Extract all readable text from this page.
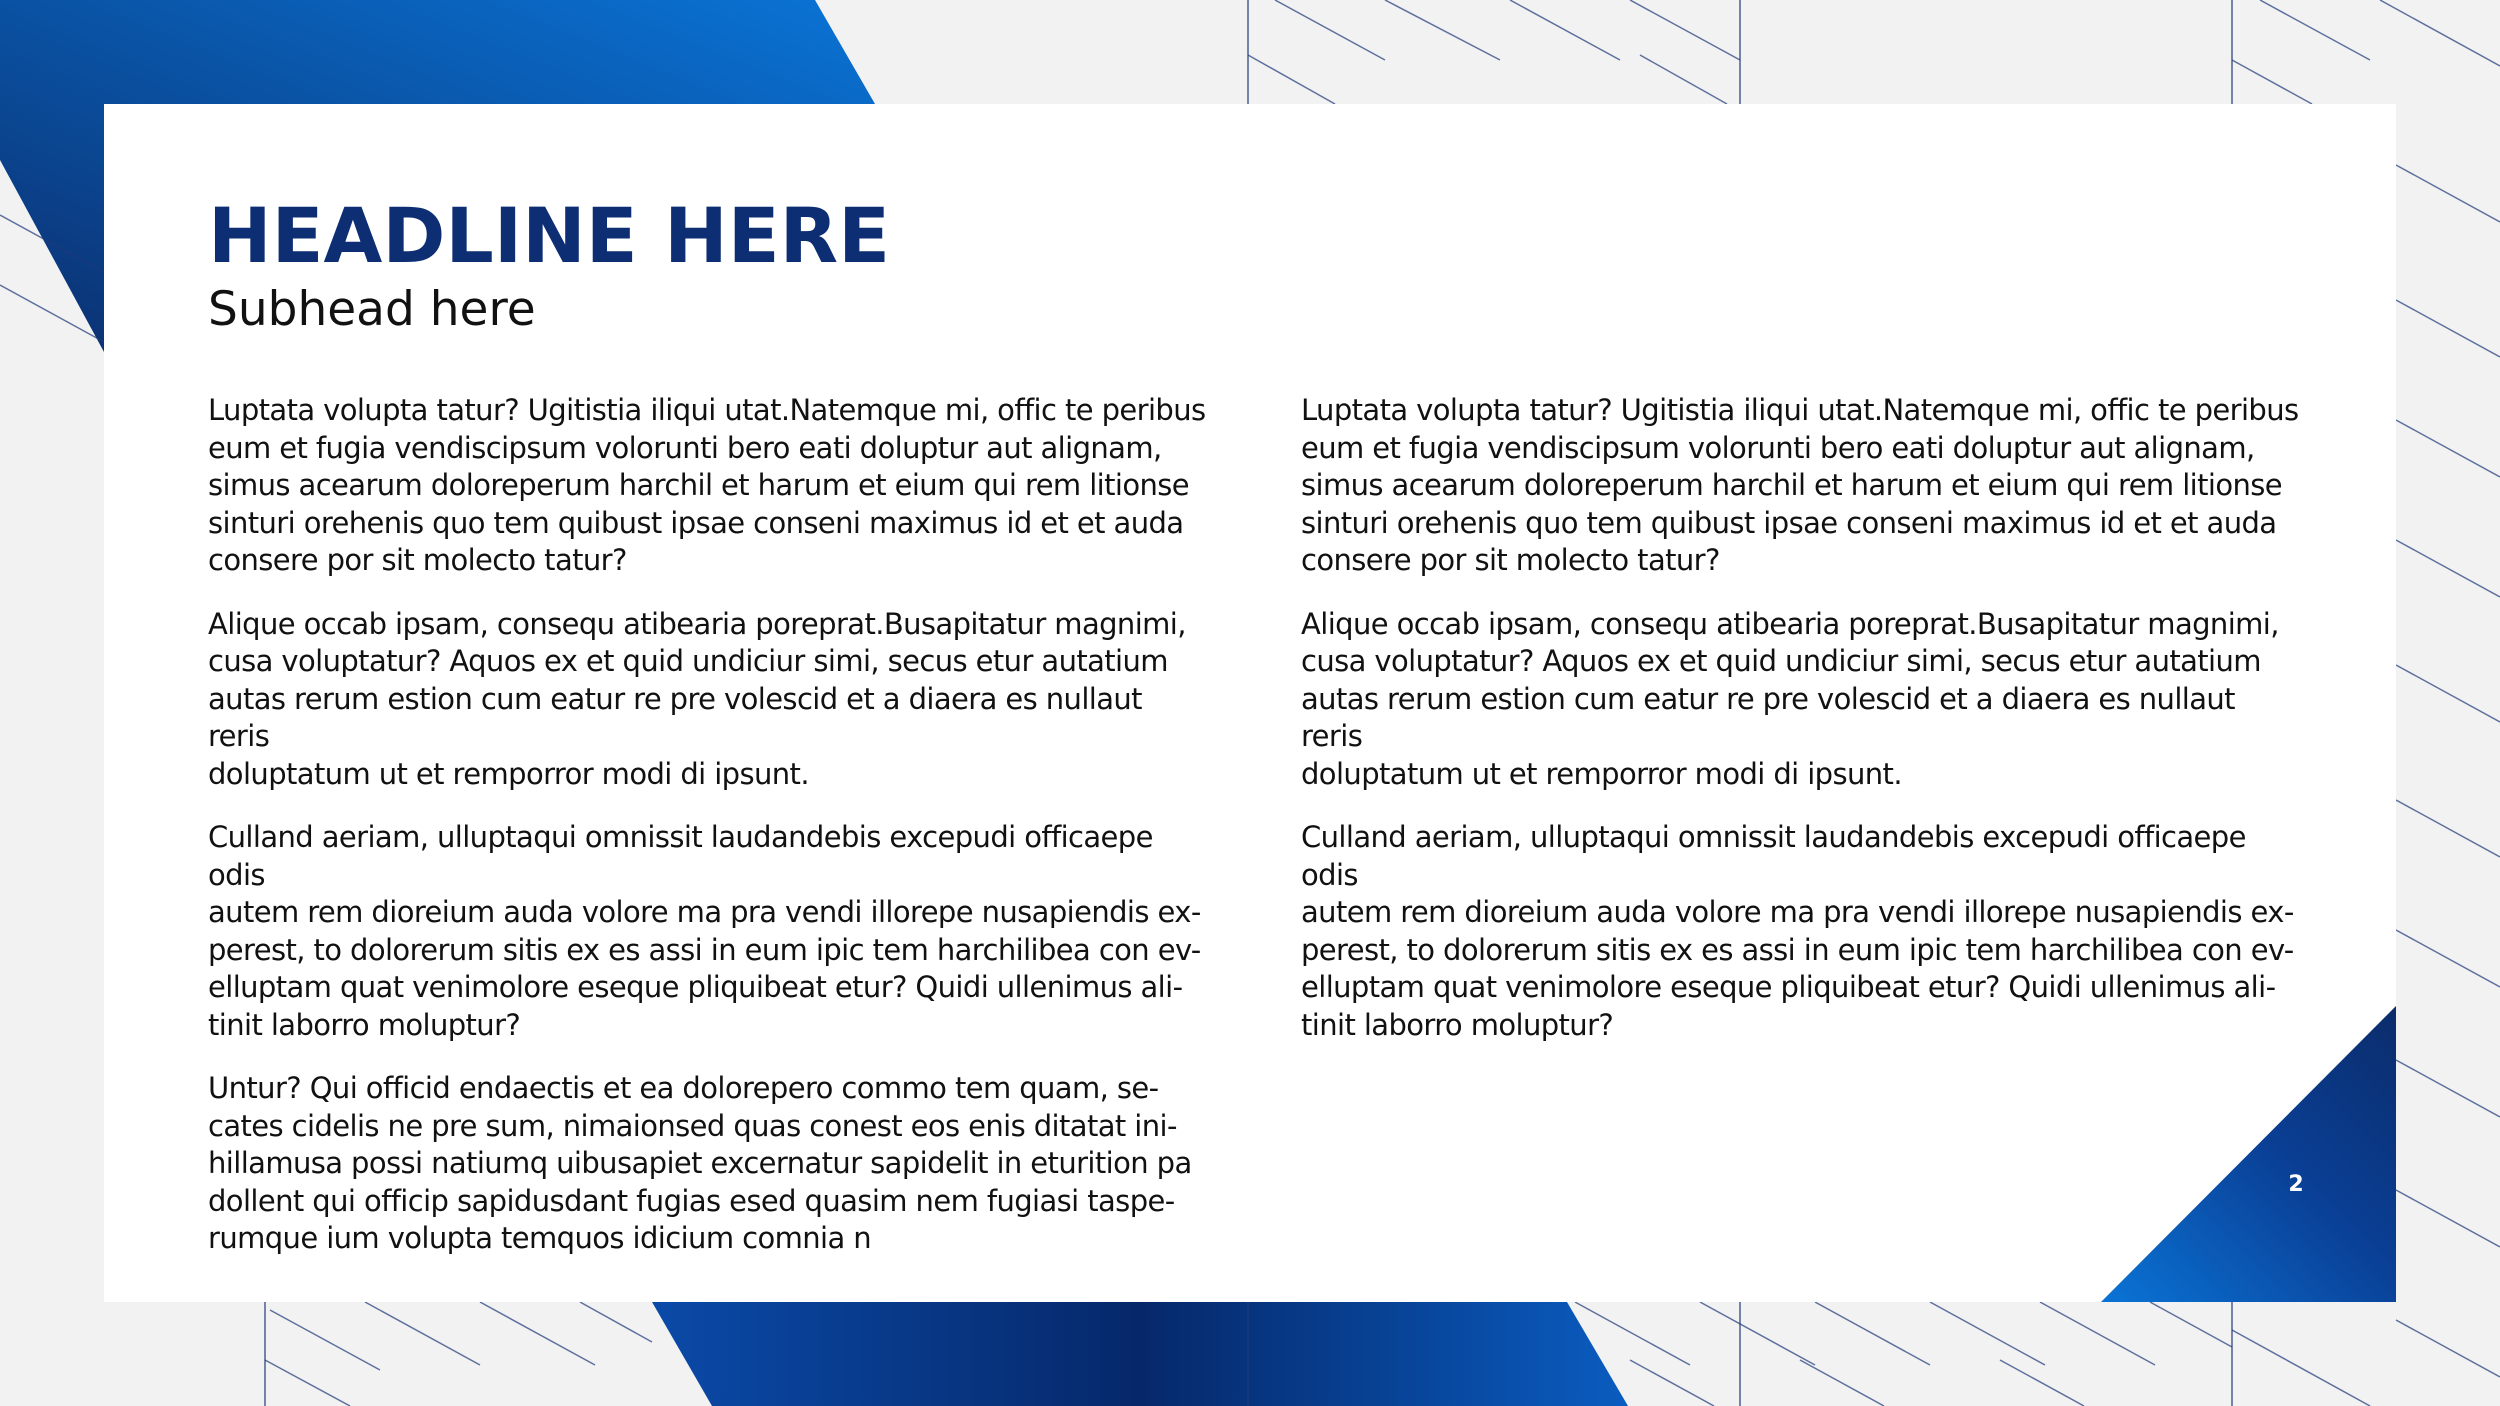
HEADLINE HERE
Subhead here

Luptata volupta tatur? Ugitistia iliqui utat.Natemque mi, offic te peribus
eum et fugia vendiscipsum volorunti bero eati doluptur aut alignam,
simus acearum doloreperum harchil et harum et eium qui rem litionse
sinturi orehenis quo tem quibust ipsae conseni maximus id et et auda
consere por sit molecto tatur?

Alique occab ipsam, consequ atibearia poreprat.Busapitatur magnimi,
cusa voluptatur? Aquos ex et quid undiciur simi, secus etur autatium
autas rerum estion cum eatur re pre volescid et a diaera es nullaut reris
doluptatum ut et remporror modi di ipsunt.

Culland aeriam, ulluptaqui omnissit laudandebis excepudi officaepe odis
autem rem dioreium auda volore ma pra vendi illorepe nusapiendis ex-
perest, to dolorerum sitis ex es assi in eum ipic tem harchilibea con ev-
elluptam quat venimolore eseque pliquibeat etur? Quidi ullenimus ali-
tinit laborro moluptur?

Untur? Qui officid endaectis et ea dolorepero commo tem quam, se-
cates cidelis ne pre sum, nimaionsed quas conest eos enis ditatat ini-
hillamusa possi natiumq uibusapiet excernatur sapidelit in eturition pa
dollent qui officip sapidusdant fugias esed quasim nem fugiasi taspe-
rumque ium volupta temquos idicium comnia n

Luptata volupta tatur? Ugitistia iliqui utat.Natemque mi, offic te peribus
eum et fugia vendiscipsum volorunti bero eati doluptur aut alignam,
simus acearum doloreperum harchil et harum et eium qui rem litionse
sinturi orehenis quo tem quibust ipsae conseni maximus id et et auda
consere por sit molecto tatur?

Alique occab ipsam, consequ atibearia poreprat.Busapitatur magnimi,
cusa voluptatur? Aquos ex et quid undiciur simi, secus etur autatium
autas rerum estion cum eatur re pre volescid et a diaera es nullaut reris
doluptatum ut et remporror modi di ipsunt.

Culland aeriam, ulluptaqui omnissit laudandebis excepudi officaepe odis
autem rem dioreium auda volore ma pra vendi illorepe nusapiendis ex-
perest, to dolorerum sitis ex es assi in eum ipic tem harchilibea con ev-
elluptam quat venimolore eseque pliquibeat etur? Quidi ullenimus ali-
tinit laborro moluptur?

2
